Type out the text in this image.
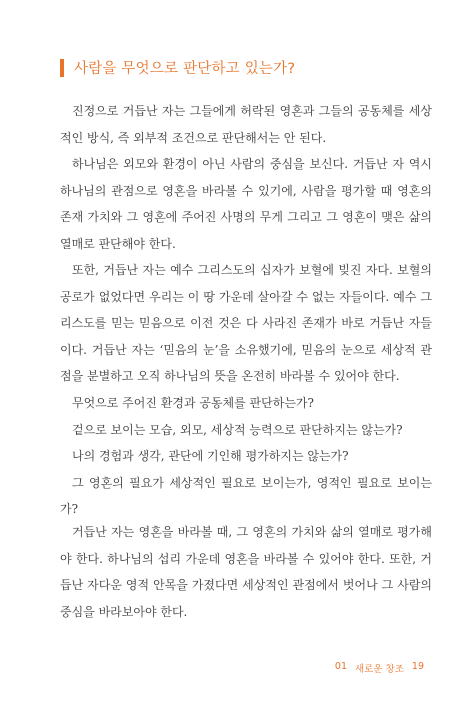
사람을 무엇으로 판단하고 있는가?

진정으로 거듭난 자는 그들에게 허락된 영혼과 그들의 공동체를 세상적인 방식, 즉 외부적 조건으로 판단해서는 안 된다.

하나님은 외모와 환경이 아닌 사람의 중심을 보신다. 거듭난 자 역시 하나님의 관점으로 영혼을 바라볼 수 있기에, 사람을 평가할 때 영혼의 존재 가치와 그 영혼에 주어진 사명의 무게 그리고 그 영혼이 맺은 삶의 열매로 판단해야 한다.

또한, 거듭난 자는 예수 그리스도의 십자가 보혈에 빚진 자다. 보혈의 공로가 없었다면 우리는 이 땅 가운데 살아갈 수 없는 자들이다. 예수 그리스도를 믿는 믿음으로 이전 것은 다 사라진 존재가 바로 거듭난 자들이다. 거듭난 자는 ‘믿음의 눈’을 소유했기에, 믿음의 눈으로 세상적 관점을 분별하고 오직 하나님의 뜻을 온전히 바라볼 수 있어야 한다.

무엇으로 주어진 환경과 공동체를 판단하는가?

겉으로 보이는 모습, 외모, 세상적 능력으로 판단하지는 않는가?

나의 경험과 생각, 관단에 기인해 평가하지는 않는가?

그 영혼의 필요가 세상적인 필요로 보이는가, 영적인 필요로 보이는가?

거듭난 자는 영혼을 바라볼 때, 그 영혼의 가치와 삶의 열매로 평가해야 한다. 하나님의 섭리 가운데 영혼을 바라볼 수 있어야 한다. 또한, 거듭난 자다운 영적 안목을 가졌다면 세상적인 관점에서 벗어나 그 사람의 중심을 바라보아야 한다.

01 새로운 창조 19
